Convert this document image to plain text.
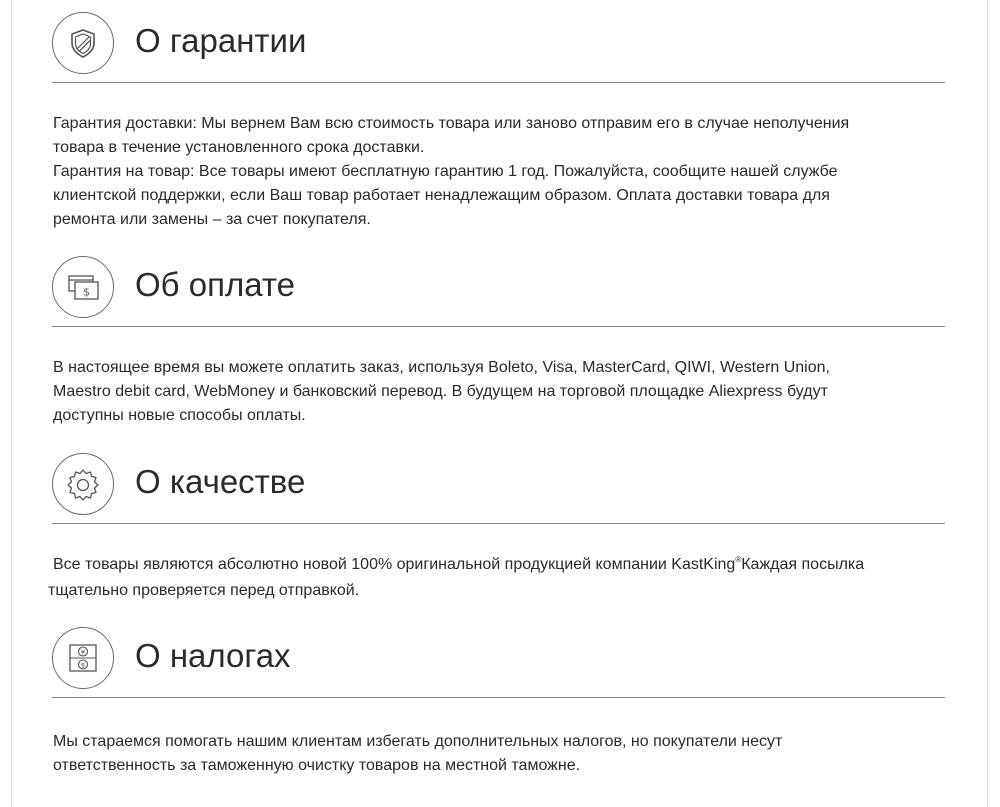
О гарантии
Гарантия доставки: Мы вернем Вам всю стоимость товара или заново отправим его в случае неполучения
товара в течение установленного срока доставки.
Гарантия на товар: Все товары имеют бесплатную гарантию 1 год. Пожалуйста, сообщите нашей службе
клиентской поддержки, если Ваш товар работает ненадлежащим образом. Оплата доставки товара для
ремонта или замены – за счет покупателя.
$ Об оплате
В настоящее время вы можете оплатить заказ, используя Boleto, Visa, MasterCard, QIWI, Western Union,
Maestro debit card, WebMoney и банковский перевод. В будущем на торговой площадке Aliexpress будут
доступны новые способы оплаты.
О качестве
Все товары являются абсолютно новой 100% оригинальной продукцией компании KastKing®Каждая посылка
тщательно проверяется перед отправкой.
¥
$ О налогах
Мы стараемся помогать нашим клиентам избегать дополнительных налогов, но покупатели несут
ответственность за таможенную очистку товаров на местной таможне.
